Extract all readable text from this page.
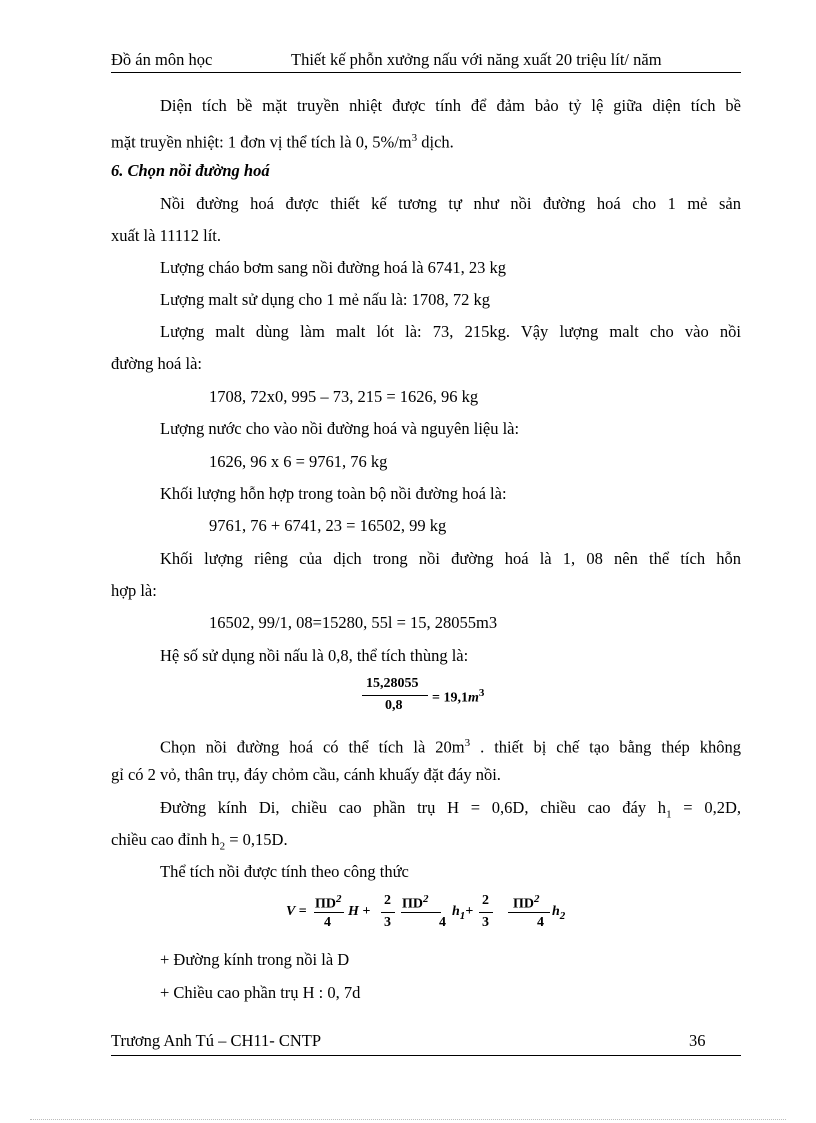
Đồ án môn học	Thiết kế phỗn xưởng nấu với năng xuất 20 triệu lít/ năm
Diện tích bề mặt truyền nhiệt được tính để đảm bảo tỷ lệ giữa diện tích bề
mặt truyền nhiệt: 1 đơn vị thể tích là 0, $5\%/m^3$ dịch.
6. Chọn nồi đường hoá
Nồi đường hoá được thiết kế tương tự như nồi đường hoá cho 1 mẻ sản
xuất là 11112 lít.
Lượng cháo bơm sang nồi đường hoá là 6741, 23 kg
Lượng malt sử dụng cho 1 mẻ nấu là: 1708, 72 kg
Lượng malt dùng làm malt lót là: 73, 215kg. Vậy lượng malt cho vào nồi
đường hoá là:
1708, 72x0, 995 – 73, 215 = 1626, 96 kg
Lượng nước cho vào nồi đường hoá và nguyên liệu là:
1626, 96 x 6 = 9761, 76 kg
Khối lượng hỗn hợp trong toàn bộ nồi đường hoá là:
9761, 76 + 6741, 23 = 16502, 99 kg
Khối lượng riêng của dịch trong nồi đường hoá là 1, 08 nên thể tích hỗn
hợp là:
16502, 99/1, 08=15280, 55l = 15, 28055m3
Hệ số sử dụng nồi nấu là 0,8, thể tích thùng là:
15,28055
$0,8 = 19,1m^3$
Chọn nồi đường hoá có thể tích là $20m^3$ . thiết bị chế tạo bằng thép không
gỉ có 2 vỏ, thân trụ, đáy chỏm cầu, cánh khuấy đặt đáy nồi.
Đường kính Di, chiều cao phần trụ H = 0,6D, chiều cao đáy $h_1 = 0,2D$,
chiều cao đỉnh $h_2 = 0,15D$.
Thể tích nồi được tính theo công thức
$V = \Pi D^2$
4
H +
2
3
$\Pi D^2$
4
$h_1+$
2
3
$\Pi D^2$
4
$h_2$
+ Đường kính trong nồi là D
+ Chiều cao phần trụ H : 0, 7d
Trương Anh Tú – CH11- CNTP	36
